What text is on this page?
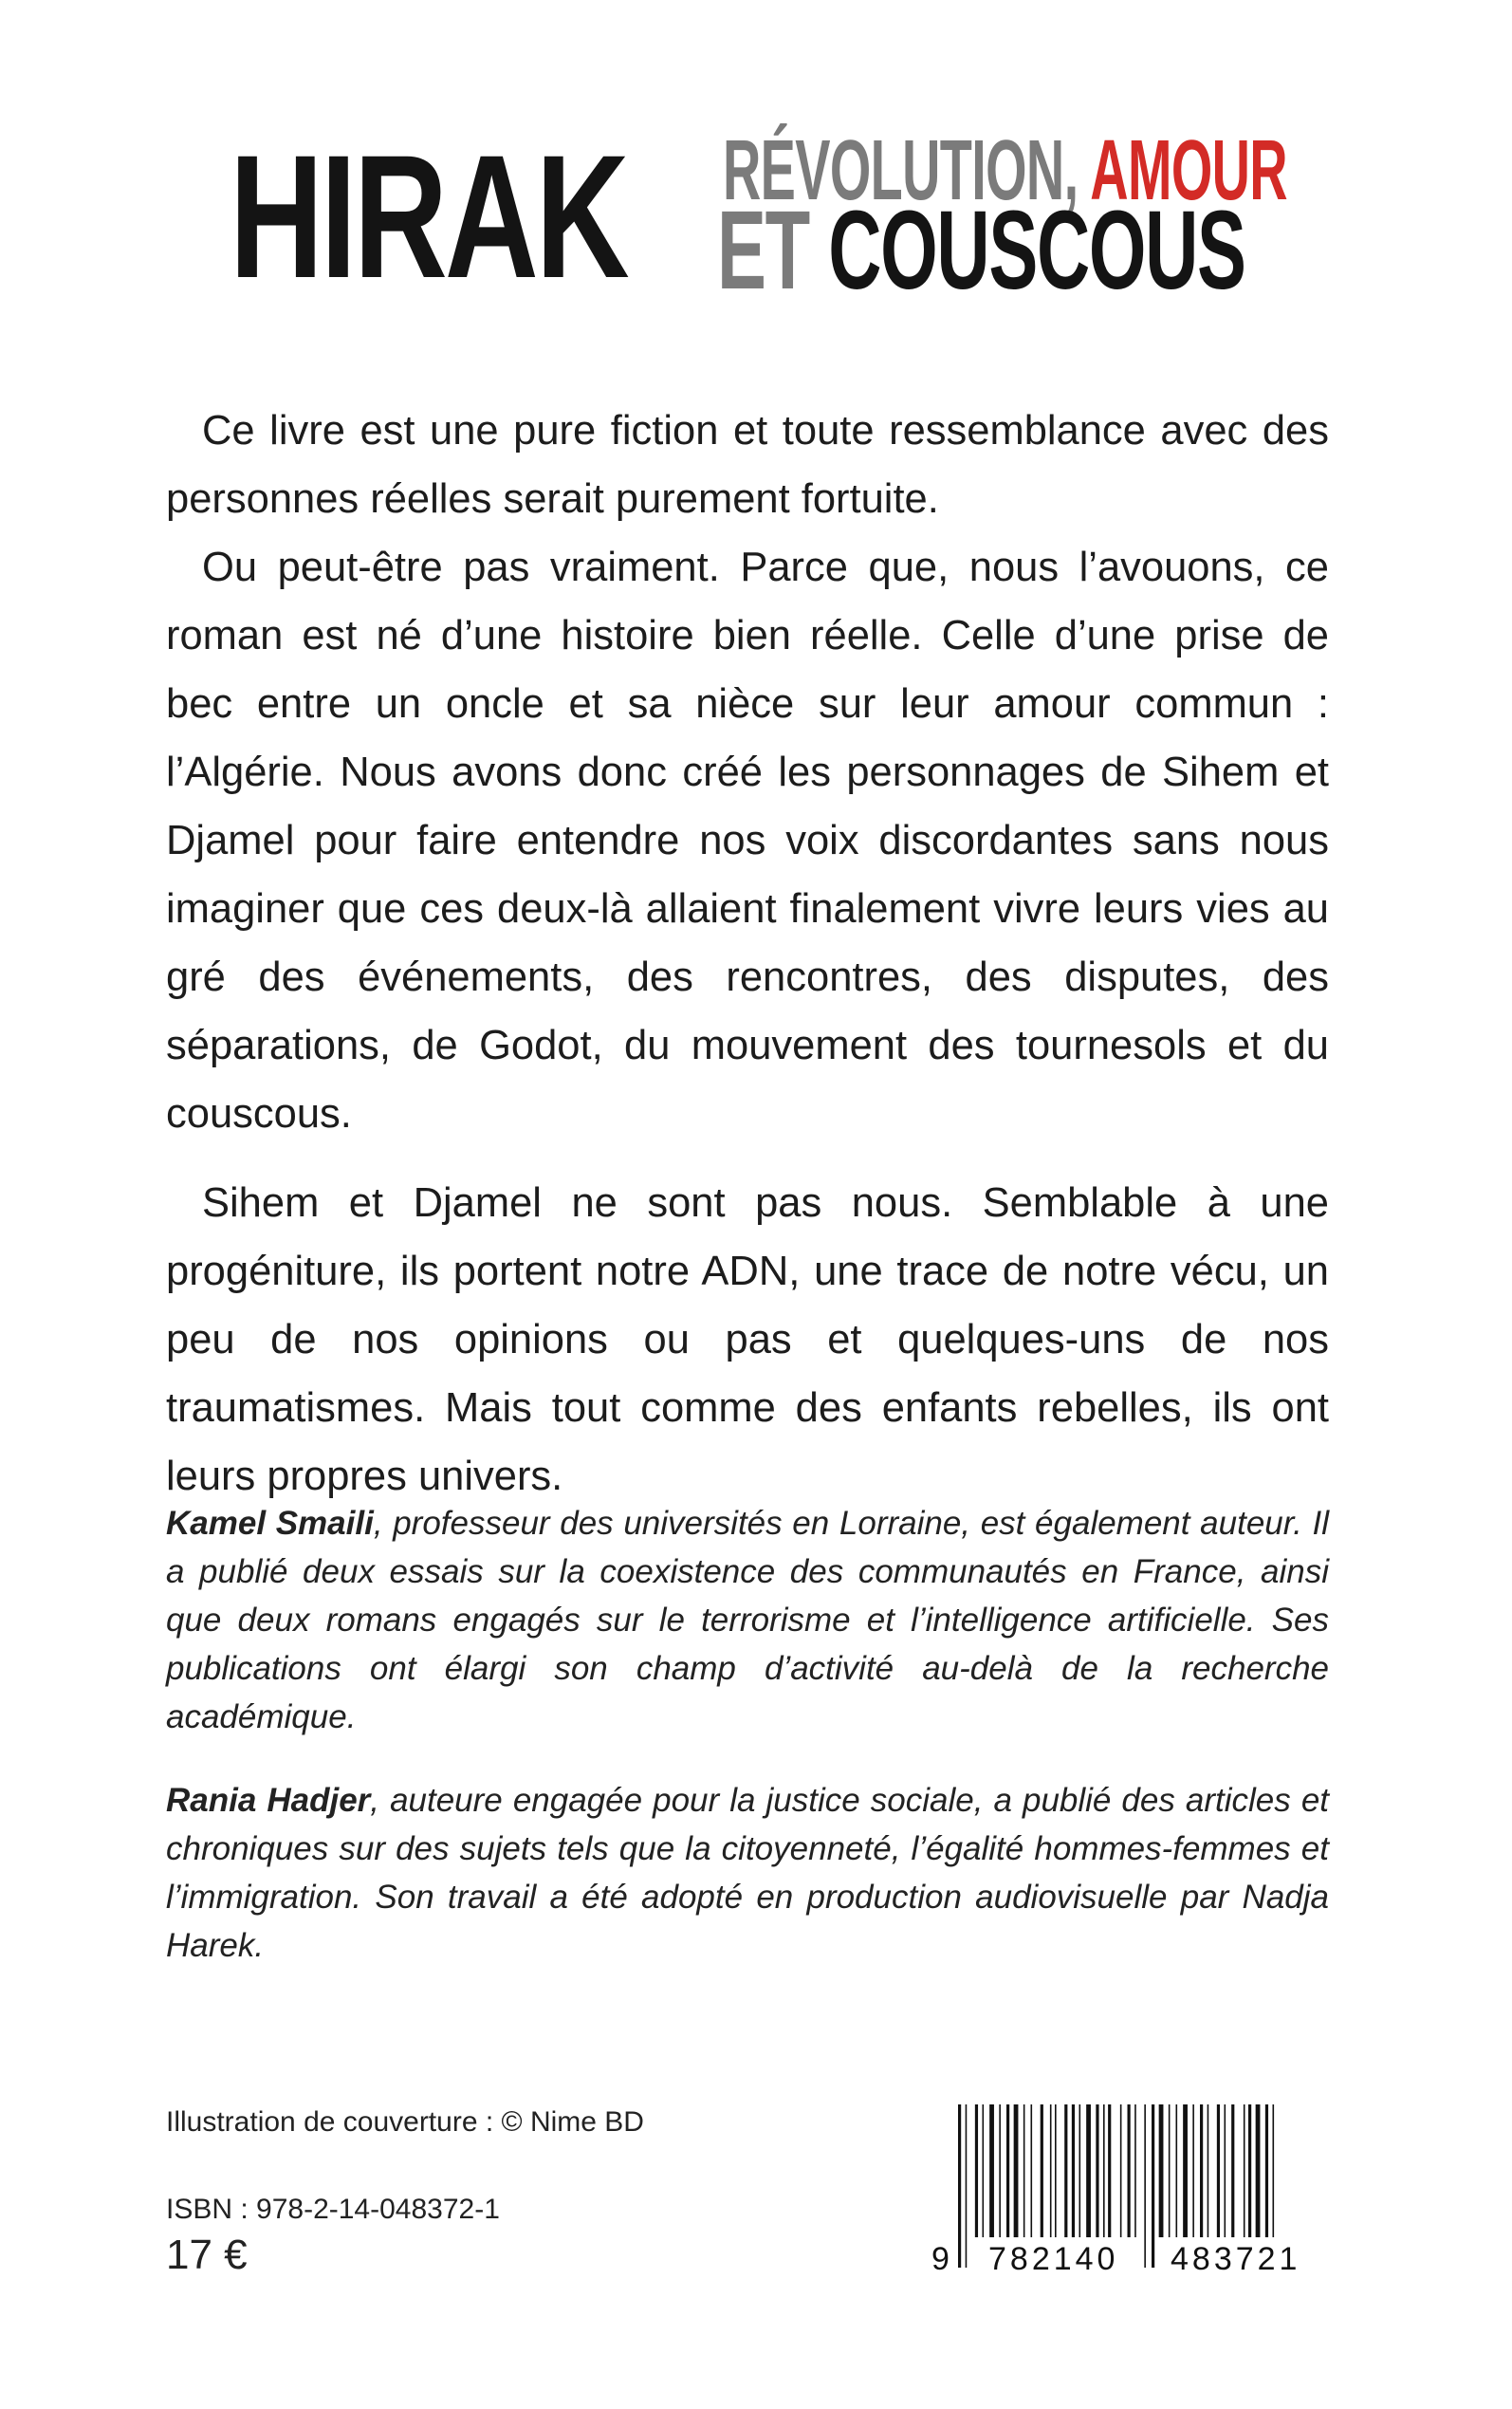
HIRAK RÉVOLUTION, AMOUR
ET COUSCOUS

Ce livre est une pure fiction et toute ressemblance avec des personnes réelles serait purement fortuite.

Ou peut-être pas vraiment. Parce que, nous l’avouons, ce roman est né d’une histoire bien réelle. Celle d’une prise de bec entre un oncle et sa nièce sur leur amour commun : l’Algérie. Nous avons donc créé les personnages de Sihem et Djamel pour faire entendre nos voix discordantes sans nous imaginer que ces deux-là allaient finalement vivre leurs vies au gré des événements, des rencontres, des disputes, des séparations, de Godot, du mouvement des tournesols et du couscous.

Sihem et Djamel ne sont pas nous. Semblable à une progéniture, ils portent notre ADN, une trace de notre vécu, un peu de nos opinions ou pas et quelques-uns de nos traumatismes. Mais tout comme des enfants rebelles, ils ont leurs propres univers.

Kamel Smaili, professeur des universités en Lorraine, est également auteur. Il a publié deux essais sur la coexistence des communautés en France, ainsi que deux romans engagés sur le terrorisme et l’intelligence artificielle. Ses publications ont élargi son champ d’activité au-delà de la recherche académique.

Rania Hadjer, auteure engagée pour la justice sociale, a publié des articles et chroniques sur des sujets tels que la citoyenneté, l’égalité hommes-femmes et l’immigration. Son travail a été adopté en production audiovisuelle par Nadja Harek.

Illustration de couverture : © Nime BD
ISBN : 978-2-14-048372-1
17 €	9 782140 483721
